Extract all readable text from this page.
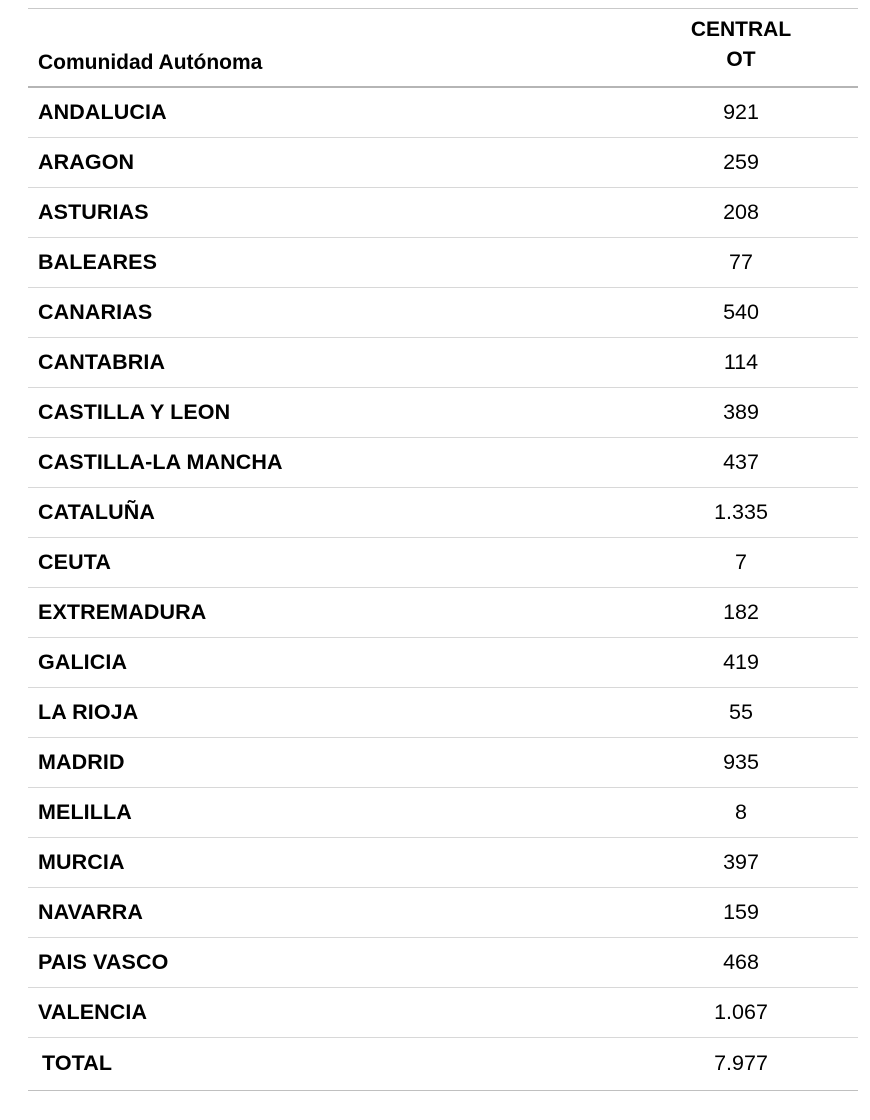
Comunidad Autónoma	CENTRAL
OT

ANDALUCIA	921
ARAGON	259
ASTURIAS	208
BALEARES	77
CANARIAS	540
CANTABRIA	114
CASTILLA Y LEON	389
CASTILLA-LA MANCHA	437
CATALUÑA	1.335
CEUTA	7
EXTREMADURA	182
GALICIA	419
LA RIOJA	55
MADRID	935
MELILLA	8
MURCIA	397
NAVARRA	159
PAIS VASCO	468
VALENCIA	1.067
TOTAL	7.977
